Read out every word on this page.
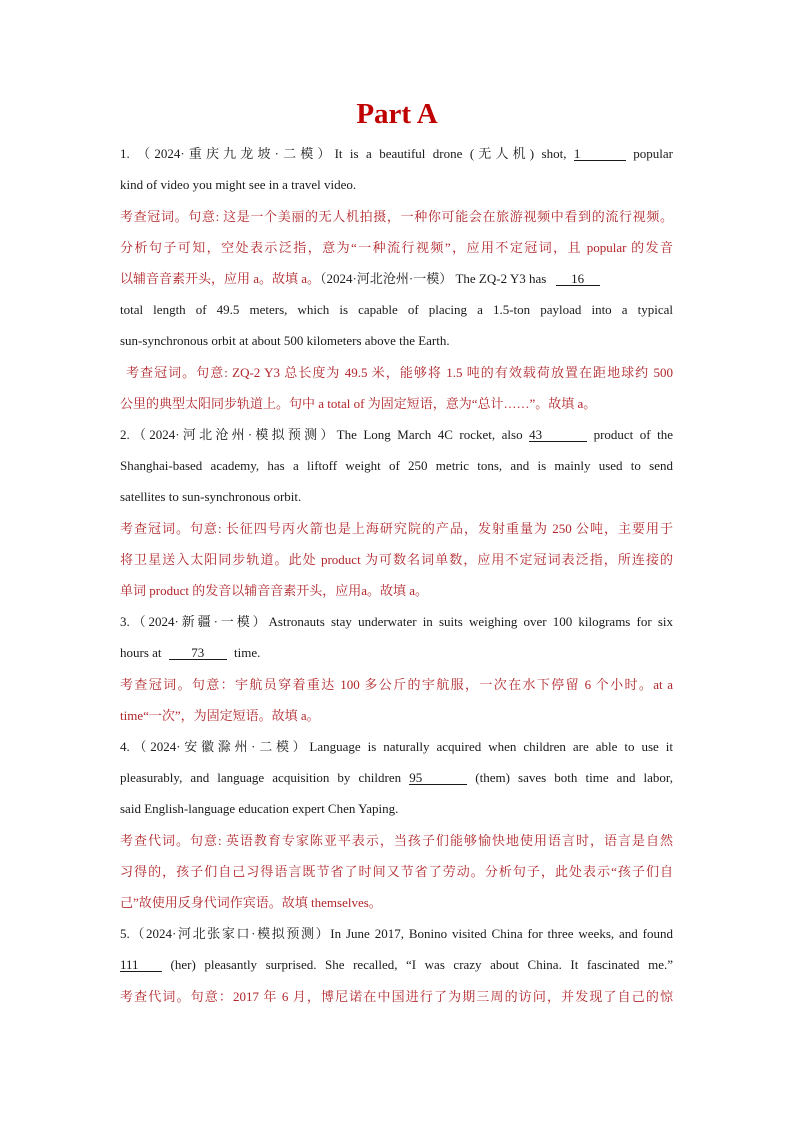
Part A
1. （2024·重庆九龙坡·二模）It is a beautiful drone (无人机) shot, 1	popular
kind of video you might see in a travel video.
考查冠词。句意: 这是一个美丽的无人机拍摄，一种你可能会在旅游视频中看到的流行视频。
分析句子可知，空处表示泛指，意为“一种流行视频”，应用不定冠词，且 popular 的发音
以辅音音素开头，应用 a。故填 a。（2024·河北沧州·一模） The ZQ-2 Y3 has 16
total length of 49.5 meters, which is capable of placing a 1.5-ton payload into a typical
sun-synchronous orbit at about 500 kilometers above the Earth.
考查冠词。句意: ZQ-2 Y3 总长度为 49.5 米，能够将 1.5 吨的有效载荷放置在距地球约 500
公里的典型太阳同步轨道上。句中 a total of 为固定短语，意为“总计……”。故填 a。
2.（2024·河北沧州·模拟预测）The Long March 4C rocket, also 43	product of the
Shanghai-based academy, has a liftoff weight of 250 metric tons, and is mainly used to send
satellites to sun-synchronous orbit.
考查冠词。句意: 长征四号丙火箭也是上海研究院的产品，发射重量为 250 公吨，主要用于
将卫星送入太阳同步轨道。此处 product 为可数名词单数，应用不定冠词表泛指，所连接的
单词 product 的发音以辅音音素开头，应用a。故填 a。
3.（2024·新疆·一模）Astronauts stay underwater in suits weighing over 100 kilograms for six
hours at 73 time.
考查冠词。句意：宇航员穿着重达 100 多公斤的宇航服，一次在水下停留 6 个小时。at a
time“一次”，为固定短语。故填 a。
4.（2024·安徽滁州·二模）Language is naturally acquired when children are able to use it
pleasurably, and language acquisition by children 95	(them) saves both time and labor,
said English-language education expert Chen Yaping.
考查代词。句意: 英语教育专家陈亚平表示，当孩子们能够愉快地使用语言时，语言是自然
习得的，孩子们自己习得语言既节省了时间又节省了劳动。分析句子，此处表示“孩子们自
己”故使用反身代词作宾语。故填 themselves。
5.（2024·河北张家口·模拟预测）In June 2017, Bonino visited China for three weeks, and found
111 (her) pleasantly surprised. She recalled, “I was crazy about China. It fascinated me.”
考查代词。句意：2017 年 6 月，博尼诺在中国进行了为期三周的访问，并发现了自己的惊
